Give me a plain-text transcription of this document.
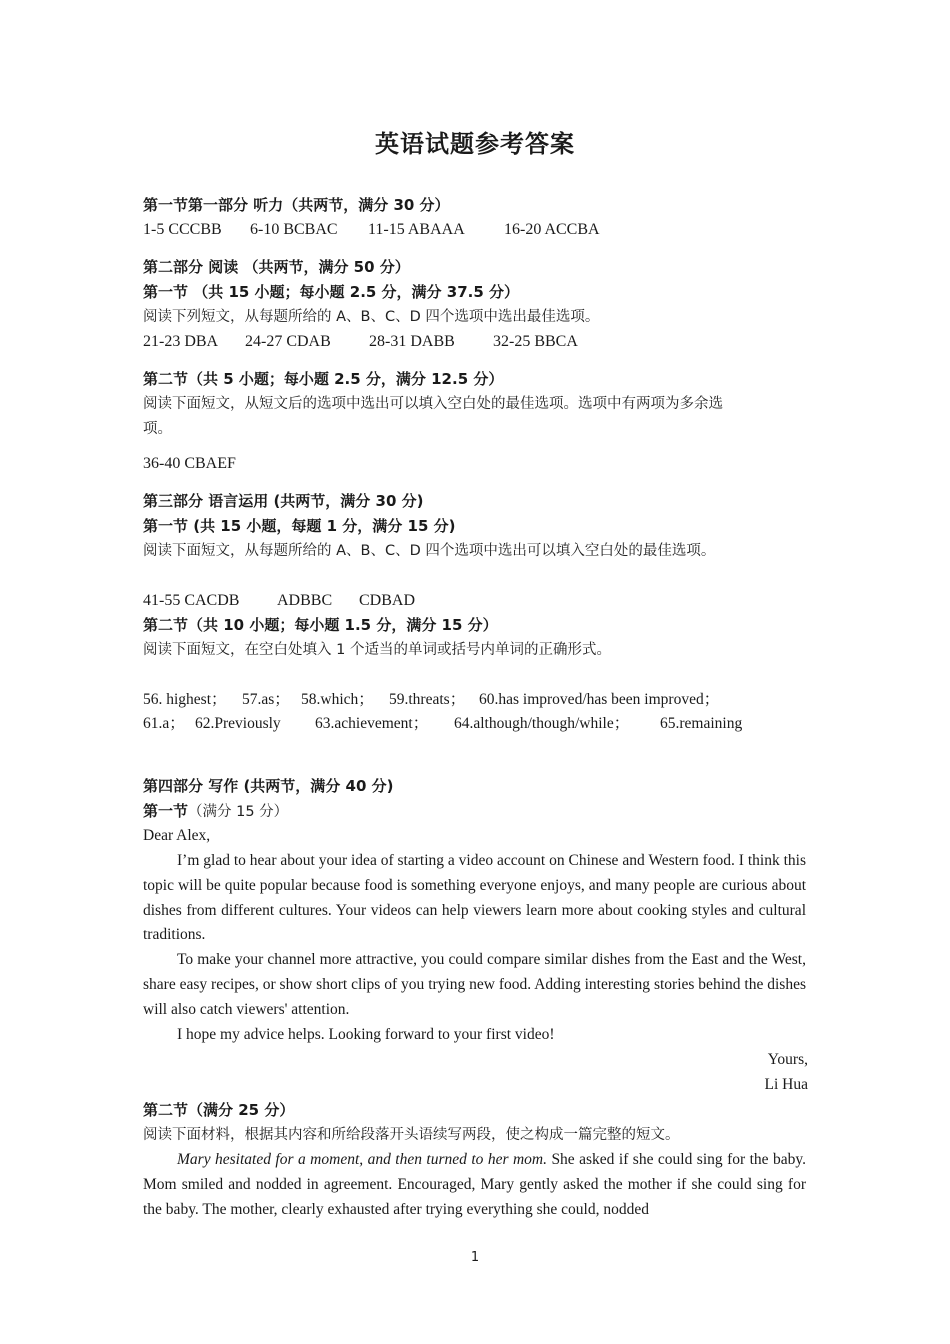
英语试题参考答案
第一节第一部分 听力（共两节，满分 30 分）
1-5 CCCBB 6-10 BCBAC 11-15 ABAAA 16-20 ACCBA
第二部分 阅读 （共两节，满分 50 分）
第一节 （共 15 小题；每小题 2.5 分，满分 37.5 分）
阅读下列短文，从每题所给的 A、B、C、D 四个选项中选出最佳选项。
21-23 DBA 24-27 CDAB 28-31 DABB 32-25 BBCA
第二节（共 5 小题；每小题 2.5 分，满分 12.5 分）
阅读下面短文，从短文后的选项中选出可以填入空白处的最佳选项。选项中有两项为多余选
项。
36-40 CBAEF
第三部分 语言运用 (共两节，满分 30 分)
第一节 (共 15 小题，每题 1 分，满分 15 分)
阅读下面短文，从每题所给的 A、B、C、D 四个选项中选出可以填入空白处的最佳选项。
41-55 CACDB ADBBC CDBAD
第二节（共 10 小题；每小题 1.5 分，满分 15 分）
阅读下面短文，在空白处填入 1 个适当的单词或括号内单词的正确形式。
56. highest； 57.as； 58.which； 59.threats； 60.has improved/has been improved；
61.a； 62.Previously 63.achievement； 64.although/though/while； 65.remaining
第四部分 写作 (共两节，满分 40 分)
第一节（满分 15 分）
Dear Alex,

I’m glad to hear about your idea of starting a video account on Chinese and Western food. I think this topic will be quite popular because food is something everyone enjoys, and many people are curious about dishes from different cultures. Your videos can help viewers learn more about cooking styles and cultural traditions.

To make your channel more attractive, you could compare similar dishes from the East and the West, share easy recipes, or show short clips of you trying new food. Adding interesting stories behind the dishes will also catch viewers' attention.

I hope my advice helps. Looking forward to your first video!

Yours,
Li Hua
第二节（满分 25 分）
阅读下面材料，根据其内容和所给段落开头语续写两段，使之构成一篇完整的短文。

Mary hesitated for a moment, and then turned to her mom. She asked if she could sing for the baby. Mom smiled and nodded in agreement. Encouraged, Mary gently asked the mother if she could sing for the baby. The mother, clearly exhausted after trying everything she could, nodded

1
